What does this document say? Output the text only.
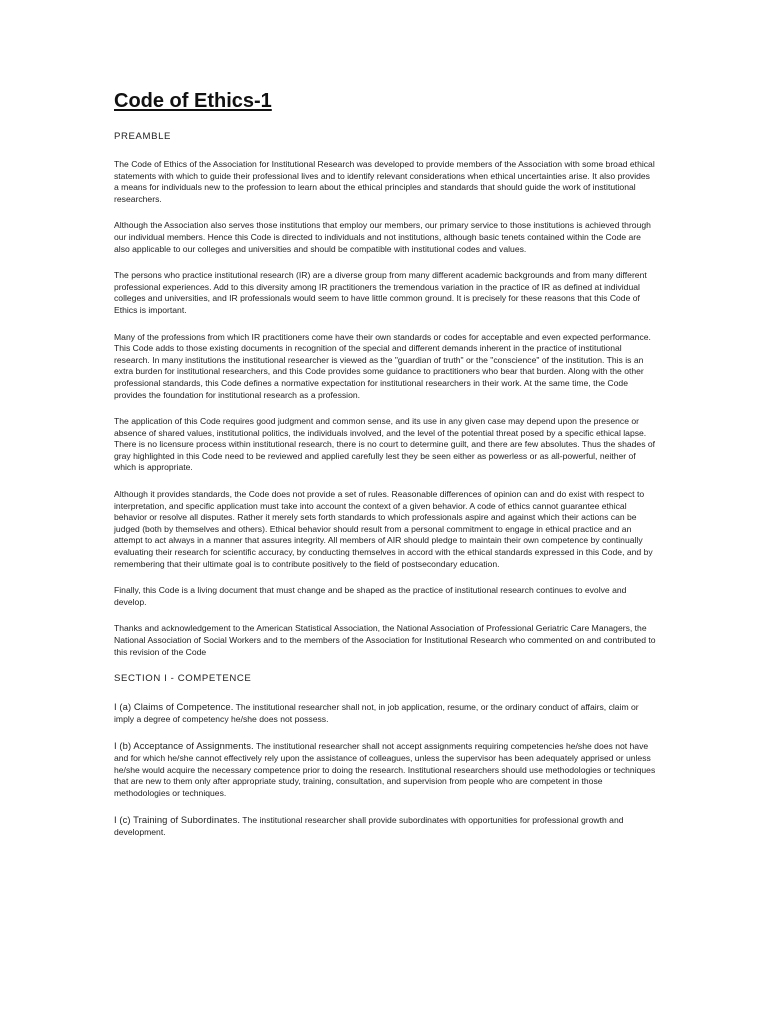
Code of Ethics-1
PREAMBLE

The Code of Ethics of the Association for Institutional Research was developed to provide members of the Association with some broad ethical statements with which to guide their professional lives and to identify relevant considerations when ethical uncertainties arise. It also provides a means for individuals new to the profession to learn about the ethical principles and standards that should guide the work of institutional researchers.

Although the Association also serves those institutions that employ our members, our primary service to those institutions is achieved through our individual members. Hence this Code is directed to individuals and not institutions, although basic tenets contained within the Code are also applicable to our colleges and universities and should be compatible with institutional codes and values.

The persons who practice institutional research (IR) are a diverse group from many different academic backgrounds and from many different professional experiences. Add to this diversity among IR practitioners the tremendous variation in the practice of IR as defined at individual colleges and universities, and IR professionals would seem to have little common ground. It is precisely for these reasons that this Code of Ethics is important.

Many of the professions from which IR practitioners come have their own standards or codes for acceptable and even expected performance. This Code adds to those existing documents in recognition of the special and different demands inherent in the practice of institutional research. In many institutions the institutional researcher is viewed as the "guardian of truth" or the "conscience" of the institution. This is an extra burden for institutional researchers, and this Code provides some guidance to practitioners who bear that burden. Along with the other professional standards, this Code defines a normative expectation for institutional researchers in their work. At the same time, the Code provides the foundation for institutional research as a profession.

The application of this Code requires good judgment and common sense, and its use in any given case may depend upon the presence or absence of shared values, institutional politics, the individuals involved, and the level of the potential threat posed by a specific ethical lapse. There is no licensure process within institutional research, there is no court to determine guilt, and there are few absolutes. Thus the shades of gray highlighted in this Code need to be reviewed and applied carefully lest they be seen either as powerless or as all-powerful, neither of which is appropriate.

Although it provides standards, the Code does not provide a set of rules. Reasonable differences of opinion can and do exist with respect to interpretation, and specific application must take into account the context of a given behavior. A code of ethics cannot guarantee ethical behavior or resolve all disputes. Rather it merely sets forth standards to which professionals aspire and against which their actions can be judged (both by themselves and others). Ethical behavior should result from a personal commitment to engage in ethical practice and an attempt to act always in a manner that assures integrity. All members of AIR should pledge to maintain their own competence by continually evaluating their research for scientific accuracy, by conducting themselves in accord with the ethical standards expressed in this Code, and by remembering that their ultimate goal is to contribute positively to the field of postsecondary education.

Finally, this Code is a living document that must change and be shaped as the practice of institutional research continues to evolve and develop.

Thanks and acknowledgement to the American Statistical Association, the National Association of Professional Geriatric Care Managers, the National Association of Social Workers and to the members of the Association for Institutional Research who commented on and contributed to this revision of the Code

SECTION I - COMPETENCE

I (a) Claims of Competence. The institutional researcher shall not, in job application, resume, or the ordinary conduct of affairs, claim or imply a degree of competency he/she does not possess.

I (b) Acceptance of Assignments. The institutional researcher shall not accept assignments requiring competencies he/she does not have and for which he/she cannot effectively rely upon the assistance of colleagues, unless the supervisor has been adequately apprised or unless he/she would acquire the necessary competence prior to doing the research. Institutional researchers should use methodologies or techniques that are new to them only after appropriate study, training, consultation, and supervision from people who are competent in those methodologies or techniques.

I (c) Training of Subordinates. The institutional researcher shall provide subordinates with opportunities for professional growth and development.
